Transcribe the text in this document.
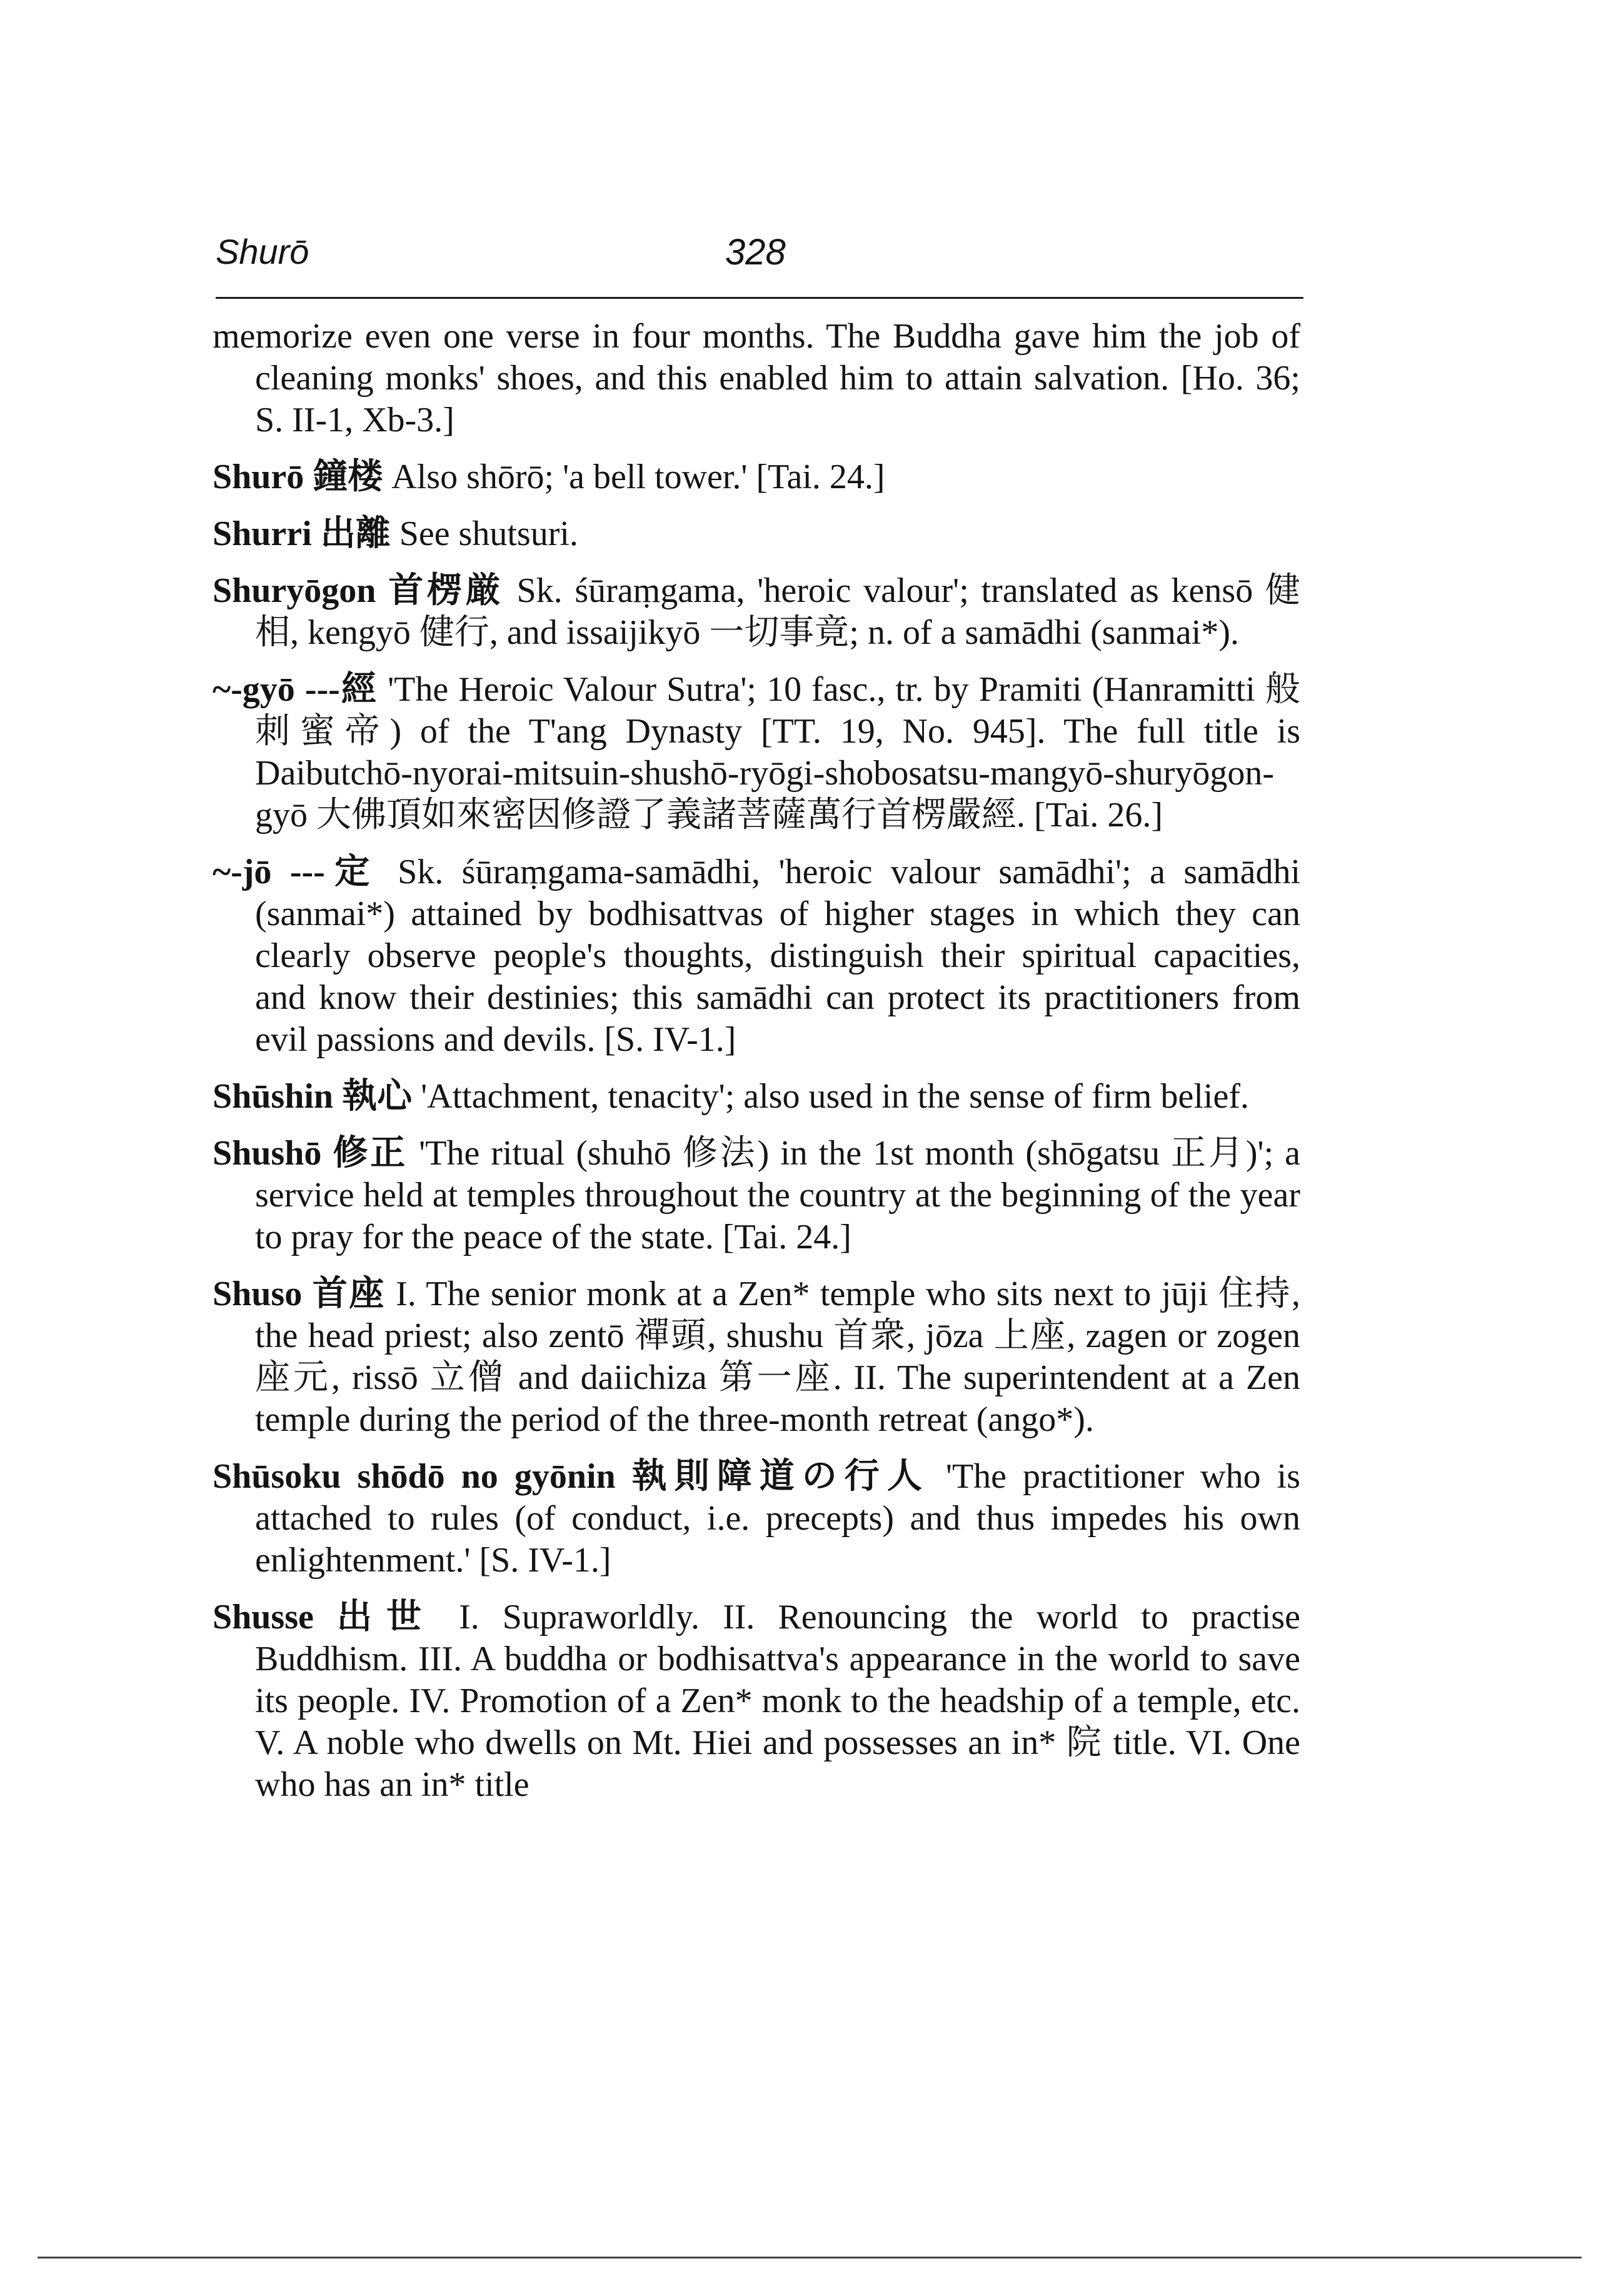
Shurō	328

memorize even one verse in four months. The Buddha gave him the job of cleaning monks' shoes, and this enabled him to attain salvation. [Ho. 36; S. II-1, Xb-3.]

Shurō 鐘楼 Also shōrō; 'a bell tower.' [Tai. 24.]

Shurri 出離 See shutsuri.

Shuryōgon 首楞厳 Sk. śūraṃgama, 'heroic valour'; translated as kensō 健相, kengyō 健行, and issaijikyō 一切事竟; n. of a samādhi (sanmai*).

~-gyō ---經 'The Heroic Valour Sutra'; 10 fasc., tr. by Pramiti (Hanramitti 般刺蜜帝) of the T'ang Dynasty [TT. 19, No. 945]. The full title is Daibutchō-nyorai-mitsuin-shushō-ryōgi-shobosatsu-mangyō-shuryōgon-gyō 大佛頂如來密因修證了義諸菩薩萬行首楞嚴經. [Tai. 26.]

~-jō ---定 Sk. śūraṃgama-samādhi, 'heroic valour samādhi'; a samādhi (sanmai*) attained by bodhisattvas of higher stages in which they can clearly observe people's thoughts, distinguish their spiritual capacities, and know their destinies; this samādhi can protect its practitioners from evil passions and devils. [S. IV-1.]

Shūshin 執心 'Attachment, tenacity'; also used in the sense of firm belief.

Shushō 修正 'The ritual (shuhō 修法) in the 1st month (shōgatsu 正月)'; a service held at temples throughout the country at the beginning of the year to pray for the peace of the state. [Tai. 24.]

Shuso 首座 I. The senior monk at a Zen* temple who sits next to jūji 住持, the head priest; also zentō 禪頭, shushu 首衆, jōza 上座, zagen or zogen 座元, rissō 立僧 and daiichiza 第一座. II. The superintendent at a Zen temple during the period of the three-month retreat (ango*).

Shūsoku shōdō no gyōnin 執則障道の行人 'The practitioner who is attached to rules (of conduct, i.e. precepts) and thus impedes his own enlightenment.' [S. IV-1.]

Shusse 出世 I. Supraworldly. II. Renouncing the world to practise Buddhism. III. A buddha or bodhisattva's appearance in the world to save its people. IV. Promotion of a Zen* monk to the headship of a temple, etc. V. A noble who dwells on Mt. Hiei and possesses an in* 院 title. VI. One who has an in* title
